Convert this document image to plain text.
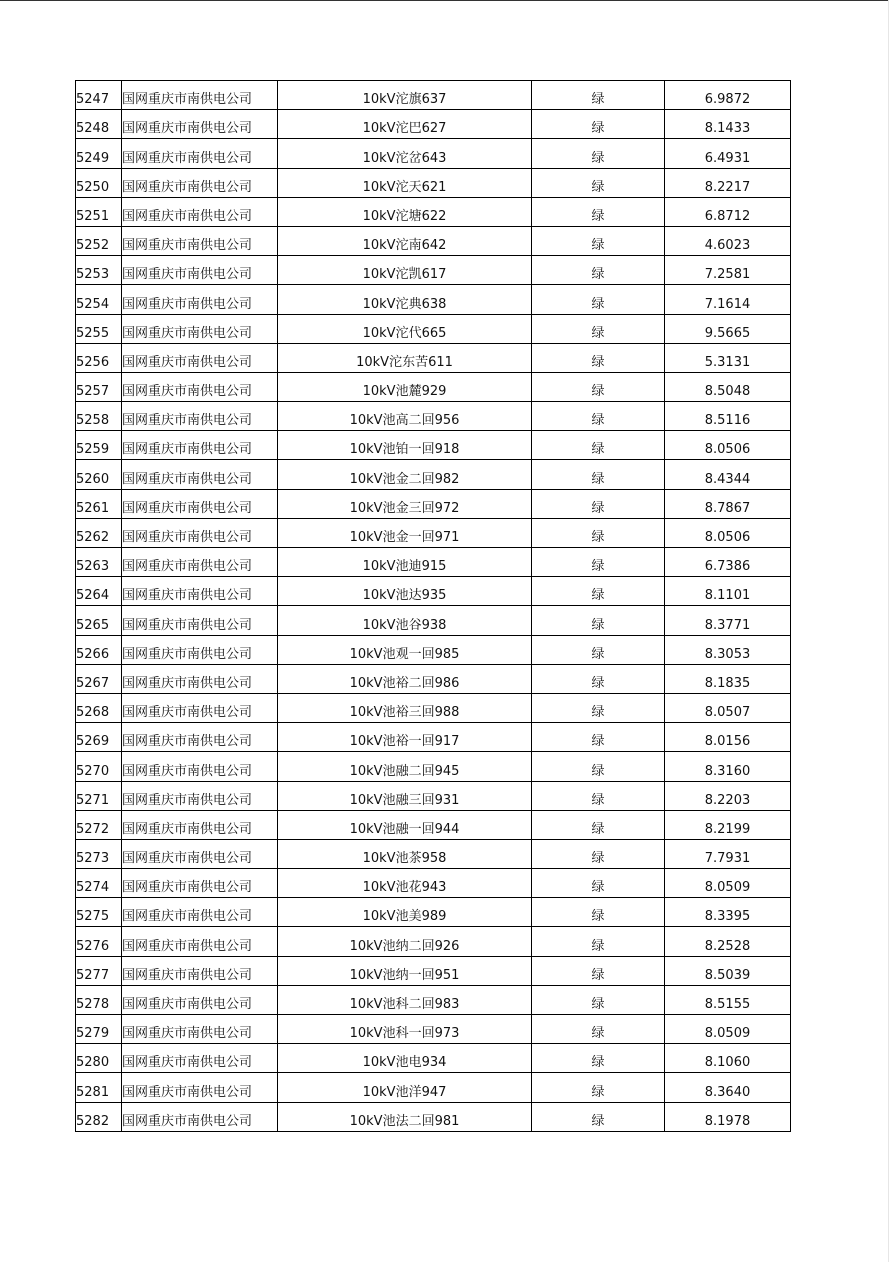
5247	国网重庆市南供电公司	10kV沱旗637	绿	6.9872
5248	国网重庆市南供电公司	10kV沱巴627	绿	8.1433
5249	国网重庆市南供电公司	10kV沱岔643	绿	6.4931
5250	国网重庆市南供电公司	10kV沱天621	绿	8.2217
5251	国网重庆市南供电公司	10kV沱塘622	绿	6.8712
5252	国网重庆市南供电公司	10kV沱南642	绿	4.6023
5253	国网重庆市南供电公司	10kV沱凯617	绿	7.2581
5254	国网重庆市南供电公司	10kV沱典638	绿	7.1614
5255	国网重庆市南供电公司	10kV沱代665	绿	9.5665
5256	国网重庆市南供电公司	10kV沱东苦611	绿	5.3131
5257	国网重庆市南供电公司	10kV池麓929	绿	8.5048
5258	国网重庆市南供电公司	10kV池高二回956	绿	8.5116
5259	国网重庆市南供电公司	10kV池铂一回918	绿	8.0506
5260	国网重庆市南供电公司	10kV池金二回982	绿	8.4344
5261	国网重庆市南供电公司	10kV池金三回972	绿	8.7867
5262	国网重庆市南供电公司	10kV池金一回971	绿	8.0506
5263	国网重庆市南供电公司	10kV池迪915	绿	6.7386
5264	国网重庆市南供电公司	10kV池达935	绿	8.1101
5265	国网重庆市南供电公司	10kV池谷938	绿	8.3771
5266	国网重庆市南供电公司	10kV池观一回985	绿	8.3053
5267	国网重庆市南供电公司	10kV池裕二回986	绿	8.1835
5268	国网重庆市南供电公司	10kV池裕三回988	绿	8.0507
5269	国网重庆市南供电公司	10kV池裕一回917	绿	8.0156
5270	国网重庆市南供电公司	10kV池融二回945	绿	8.3160
5271	国网重庆市南供电公司	10kV池融三回931	绿	8.2203
5272	国网重庆市南供电公司	10kV池融一回944	绿	8.2199
5273	国网重庆市南供电公司	10kV池茶958	绿	7.7931
5274	国网重庆市南供电公司	10kV池花943	绿	8.0509
5275	国网重庆市南供电公司	10kV池美989	绿	8.3395
5276	国网重庆市南供电公司	10kV池纳二回926	绿	8.2528
5277	国网重庆市南供电公司	10kV池纳一回951	绿	8.5039
5278	国网重庆市南供电公司	10kV池科二回983	绿	8.5155
5279	国网重庆市南供电公司	10kV池科一回973	绿	8.0509
5280	国网重庆市南供电公司	10kV池电934	绿	8.1060
5281	国网重庆市南供电公司	10kV池洋947	绿	8.3640
5282	国网重庆市南供电公司	10kV池法二回981	绿	8.1978
